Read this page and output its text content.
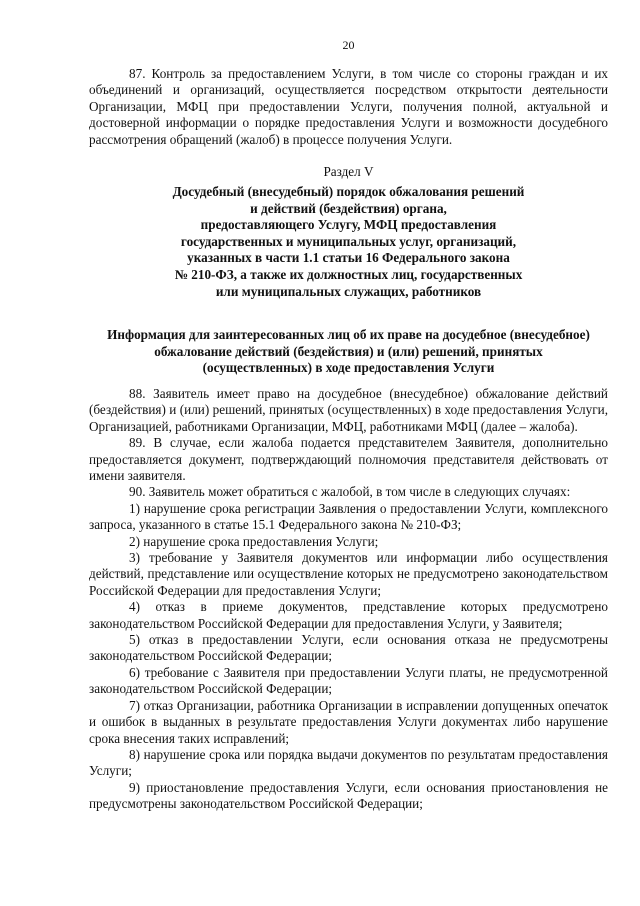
20

87. Контроль за предоставлением Услуги, в том числе со стороны граждан и их объединений и организаций, осуществляется посредством открытости деятельности Организации, МФЦ при предоставлении Услуги, получения полной, актуальной и достоверной информации о порядке предоставления Услуги и возможности досудебного рассмотрения обращений (жалоб) в процессе получения Услуги.

Раздел V
Досудебный (внесудебный) порядок обжалования решений
и действий (бездействия) органа,
предоставляющего Услугу, МФЦ предоставления
государственных и муниципальных услуг, организаций,
указанных в части 1.1 статьи 16 Федерального закона
№ 210-ФЗ, а также их должностных лиц, государственных
или муниципальных служащих, работников
Информация для заинтересованных лиц об их праве на досудебное (внесудебное)
обжалование действий (бездействия) и (или) решений, принятых
(осуществленных) в ходе предоставления Услуги

88. Заявитель имеет право на досудебное (внесудебное) обжалование действий (бездействия) и (или) решений, принятых (осуществленных) в ходе предоставления Услуги, Организацией, работниками Организации, МФЦ, работниками МФЦ (далее – жалоба).

89. В случае, если жалоба подается представителем Заявителя, дополнительно предоставляется документ, подтверждающий полномочия представителя действовать от имени заявителя.

90. Заявитель может обратиться с жалобой, в том числе в следующих случаях:

1) нарушение срока регистрации Заявления о предоставлении Услуги, комплексного запроса, указанного в статье 15.1 Федерального закона № 210-ФЗ;

2) нарушение срока предоставления Услуги;

3) требование у Заявителя документов или информации либо осуществления действий, представление или осуществление которых не предусмотрено законодательством Российской Федерации для предоставления Услуги;

4) отказ в приеме документов, представление которых предусмотрено законодательством Российской Федерации для предоставления Услуги, у Заявителя;

5) отказ в предоставлении Услуги, если основания отказа не предусмотрены законодательством Российской Федерации;

6) требование с Заявителя при предоставлении Услуги платы, не предусмотренной законодательством Российской Федерации;

7) отказ Организации, работника Организации в исправлении допущенных опечаток и ошибок в выданных в результате предоставления Услуги документах либо нарушение срока внесения таких исправлений;

8) нарушение срока или порядка выдачи документов по результатам предоставления Услуги;

9) приостановление предоставления Услуги, если основания приостановления не предусмотрены законодательством Российской Федерации;
